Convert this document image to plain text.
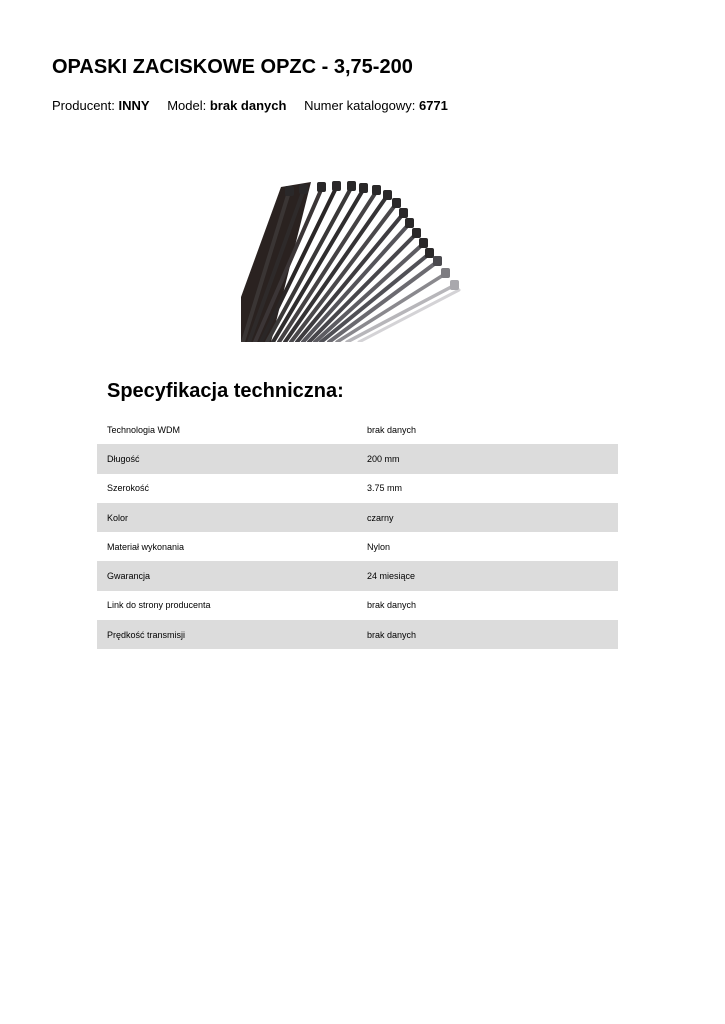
OPASKI ZACISKOWE OPZC - 3,75-200
Producent: INNY Model: brak danych Numer katalogowy: 6771
Specyfikacja techniczna:
Technologia WDM	brak danych
Długość	200 mm
Szerokość	3.75 mm
Kolor	czarny
Materiał wykonania	Nylon
Gwarancja	24 miesiące
Link do strony producenta	brak danych
Prędkość transmisji	brak danych
